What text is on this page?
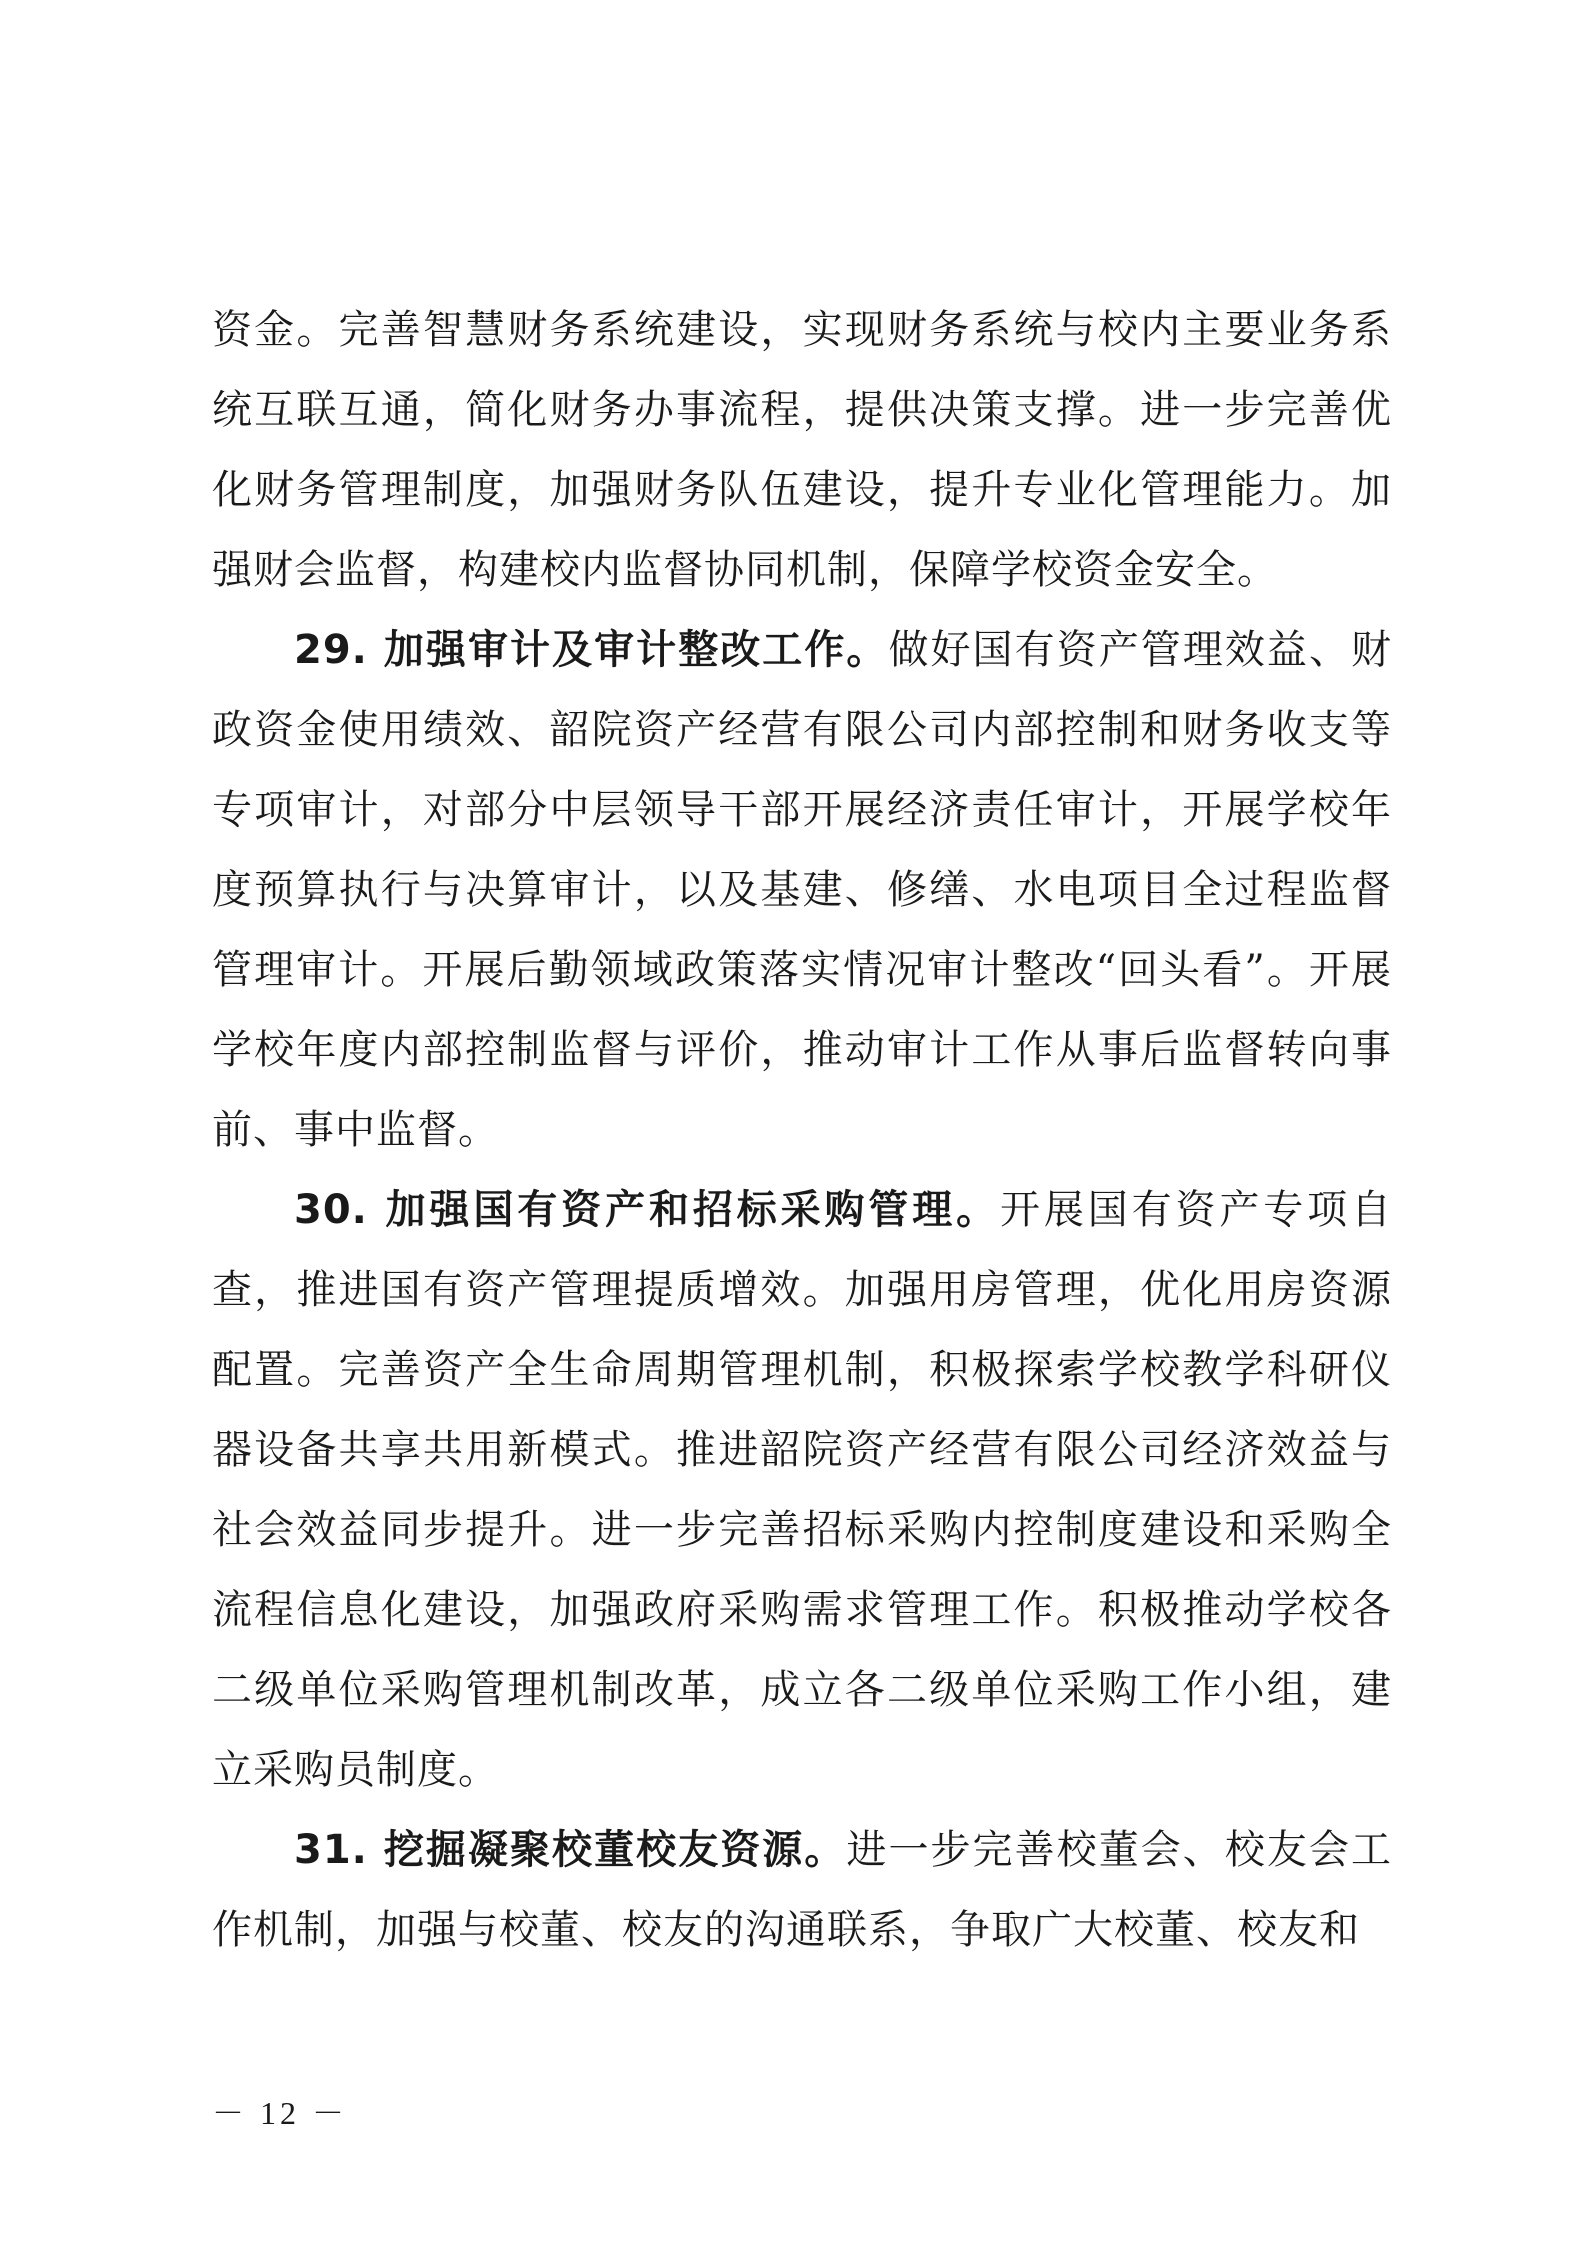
资金。完善智慧财务系统建设，实现财务系统与校内主要业务系统互联互通，简化财务办事流程，提供决策支撑。进一步完善优化财务管理制度，加强财务队伍建设，提升专业化管理能力。加强财会监督，构建校内监督协同机制，保障学校资金安全。

29. 加强审计及审计整改工作。做好国有资产管理效益、财政资金使用绩效、韶院资产经营有限公司内部控制和财务收支等专项审计，对部分中层领导干部开展经济责任审计，开展学校年度预算执行与决算审计，以及基建、修缮、水电项目全过程监督管理审计。开展后勤领域政策落实情况审计整改“回头看”。开展学校年度内部控制监督与评价，推动审计工作从事后监督转向事前、事中监督。

30. 加强国有资产和招标采购管理。开展国有资产专项自查，推进国有资产管理提质增效。加强用房管理，优化用房资源配置。完善资产全生命周期管理机制，积极探索学校教学科研仪器设备共享共用新模式。推进韶院资产经营有限公司经济效益与社会效益同步提升。进一步完善招标采购内控制度建设和采购全流程信息化建设，加强政府采购需求管理工作。积极推动学校各二级单位采购管理机制改革，成立各二级单位采购工作小组，建立采购员制度。

31. 挖掘凝聚校董校友资源。进一步完善校董会、校友会工作机制，加强与校董、校友的沟通联系，争取广大校董、校友和

－ 12 －
